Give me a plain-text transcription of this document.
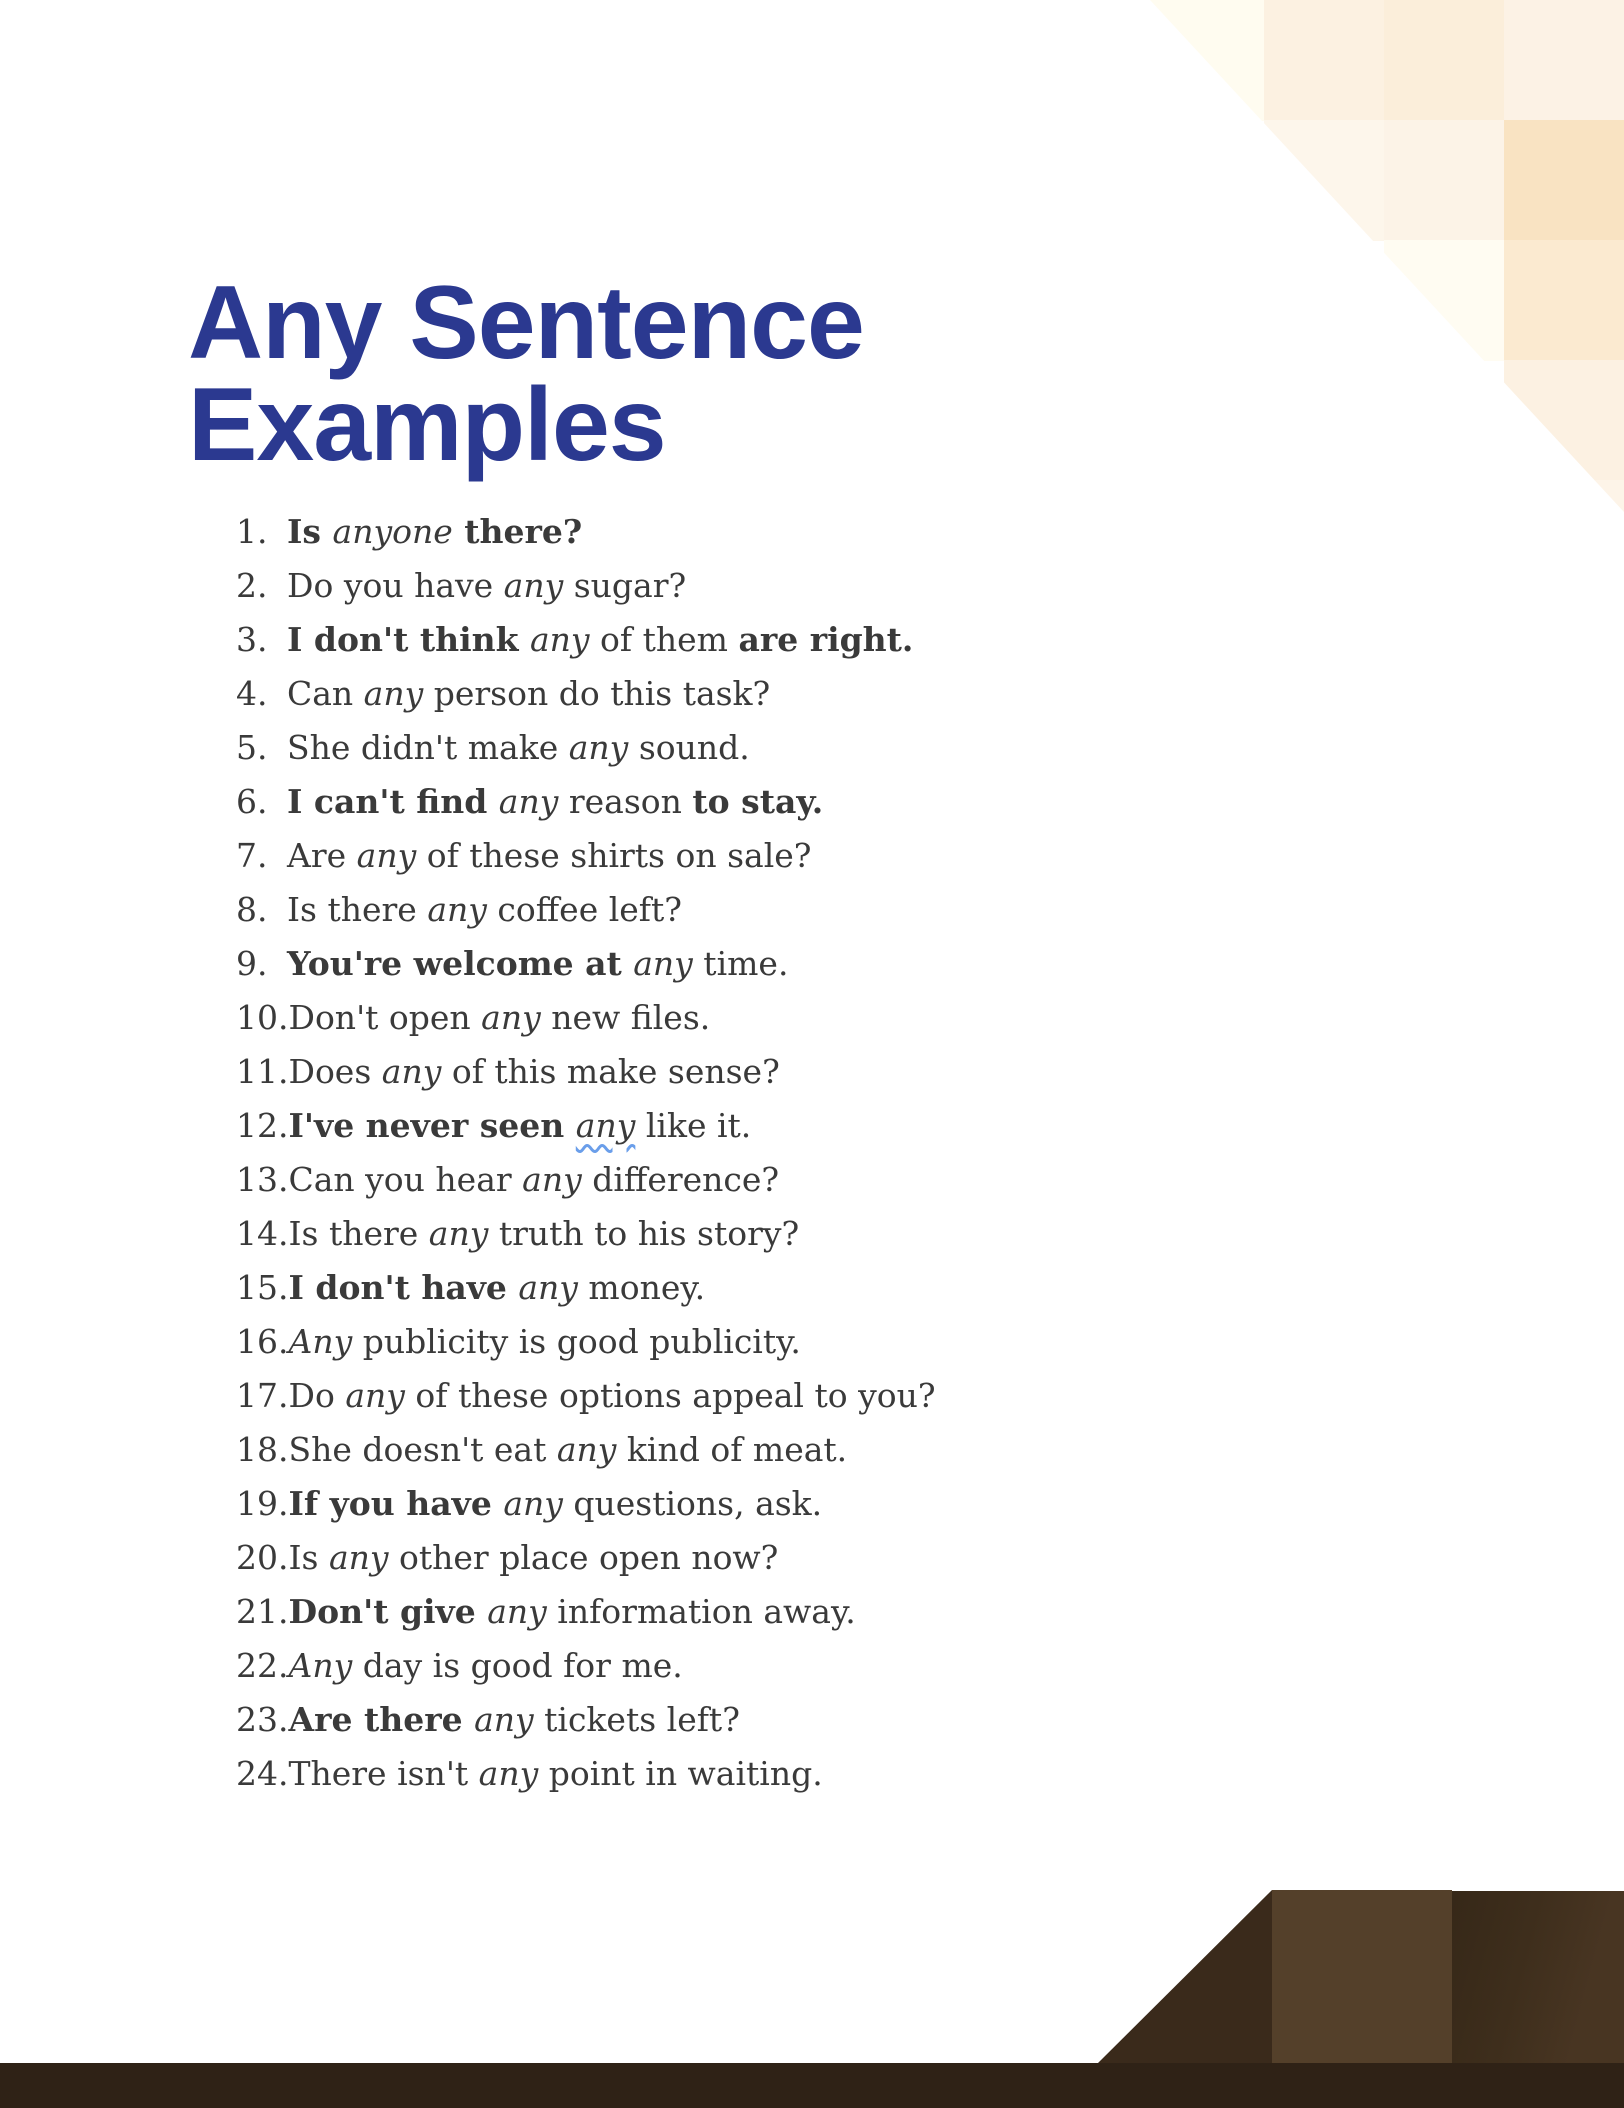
Any Sentence
Examples
1. Is anyone there?
2. Do you have any sugar?
3. I don't think any of them are right.
4. Can any person do this task?
5. She didn't make any sound.
6. I can't find any reason to stay.
7. Are any of these shirts on sale?
8. Is there any coffee left?
9. You're welcome at any time.
10. Don't open any new files.
11. Does any of this make sense?
12. I've never seen any like it.
13. Can you hear any difference?
14. Is there any truth to his story?
15. I don't have any money.
16. Any publicity is good publicity.
17. Do any of these options appeal to you?
18. She doesn't eat any kind of meat.
19. If you have any questions, ask.
20. Is any other place open now?
21. Don't give any information away.
22. Any day is good for me.
23. Are there any tickets left?
24. There isn't any point in waiting.
